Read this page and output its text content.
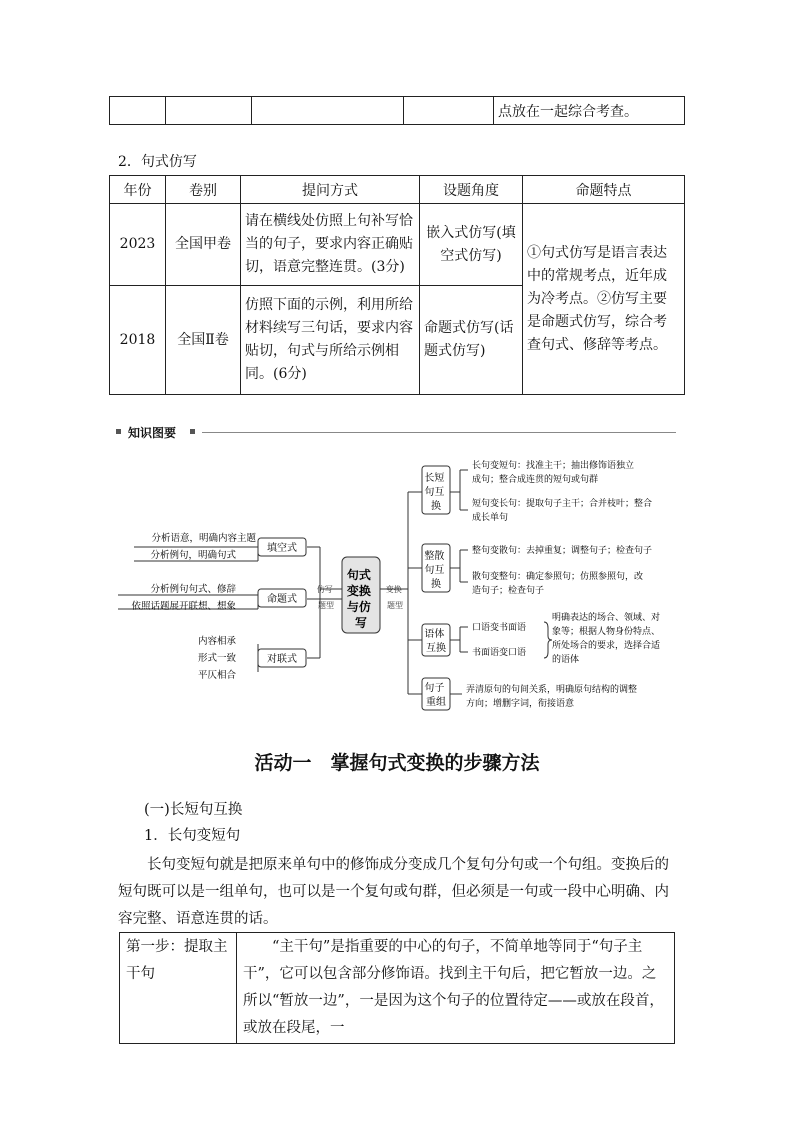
				点放在一起综合考查。
2．句式仿写
年份	卷别	提问方式	设题角度	命题特点
2023	全国甲卷	请在横线处仿照上句补写恰当的句子，要求内容正确贴切，语意完整连贯。(3分)	嵌入式仿写(填空式仿写)	①句式仿写是语言表达中的常规考点，近年成为冷考点。②仿写主要是命题式仿写，综合考查句式、修辞等考点。
2018	全国Ⅱ卷	仿照下面的示例，利用所给材料续写三句话，要求内容贴切，句式与所给示例相同。(6分)	命题式仿写(话题式仿写)	
知识图要
句式 变换 与仿 写
仿写 题型
变换 题型
分析语意，明确内容主题
分析例句，明确句式
分析例句句式、修辞
依照话题展开联想、想象
内容相承
形式一致
平仄相合
填空式
命题式
对联式
长短 句互 换
整散 句互 换
语体 互换
句子 重组
长句变短句：找准主干；抽出修饰语独立 成句；整合成连贯的短句或句群
短句变长句：提取句子主干；合并枝叶；整合 成长单句
整句变散句：去掉重复；调整句子；检查句子
散句变整句：确定参照句；仿照参照句，改 造句子；检查句子
口语变书面语
书面语变口语
明确表达的场合、领域、对 象等；根据人物身份特点、 所处场合的要求，选择合适 的语体
弄清原句的句间关系，明确原句结构的调整 方向；增删字词，衔接语意
活动一　掌握句式变换的步骤方法
(一)长短句互换
1．长句变短句
长句变短句就是把原来单句中的修饰成分变成几个复句分句或一个句组。变换后的短句既可以是一组单句，也可以是一个复句或句群，但必须是一句或一段中心明确、内容完整、语意连贯的话。
第一步：提取主干句	“主干句”是指重要的中心的句子，不简单地等同于“句子主干”，它可以包含部分修饰语。找到主干句后，把它暂放一边。之所以“暂放一边”，一是因为这个句子的位置待定——或放在段首，或放在段尾，一
